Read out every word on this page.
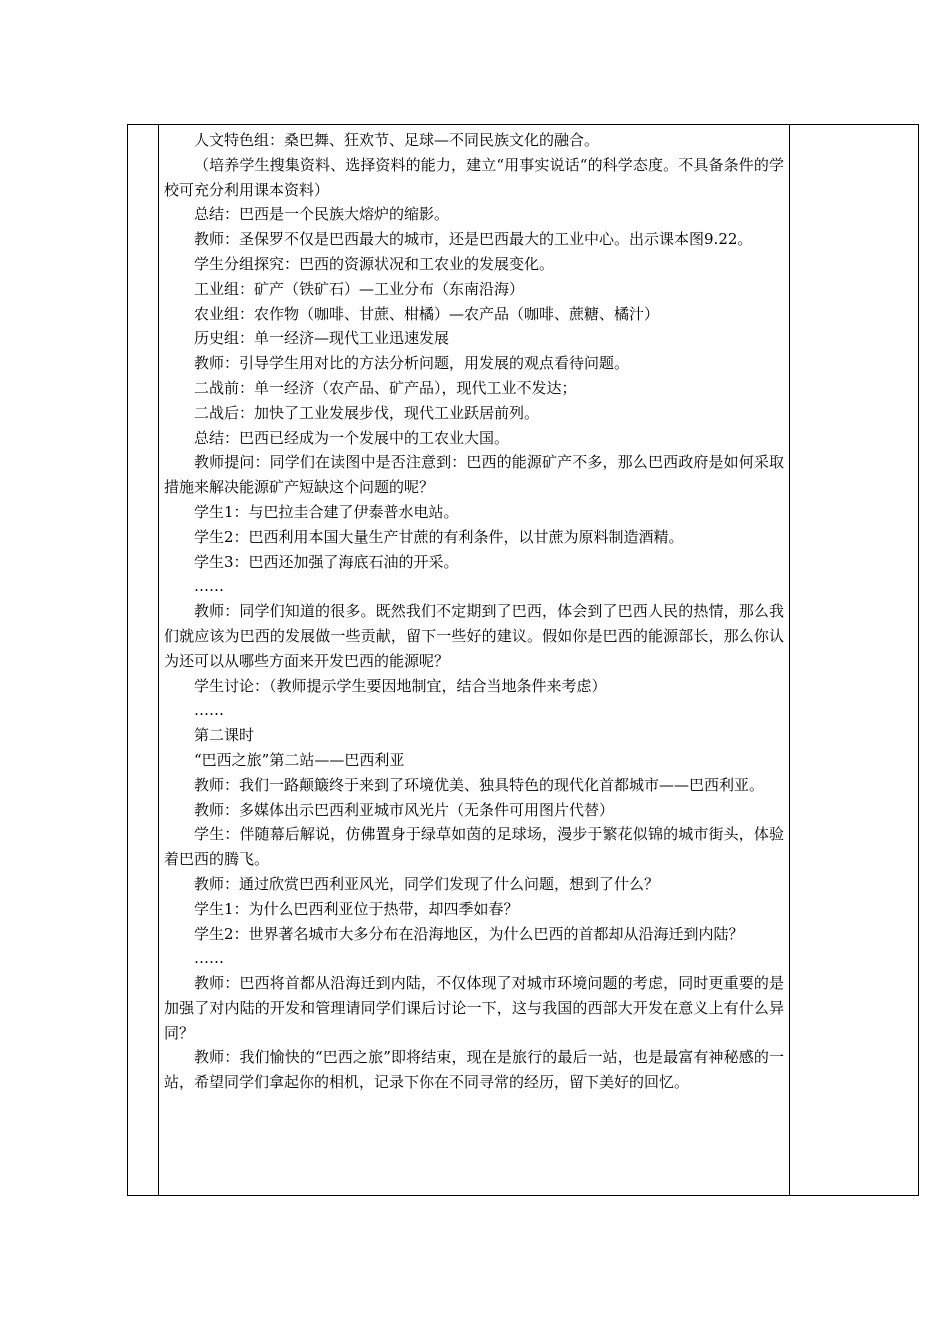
人文特色组：桑巴舞、狂欢节、足球—不同民族文化的融合。

（培养学生搜集资料、选择资料的能力，建立“用事实说话“的科学态度。不具备条件的学校可充分利用课本资料）

总结：巴西是一个民族大熔炉的缩影。

教师：圣保罗不仅是巴西最大的城市，还是巴西最大的工业中心。出示课本图9.22。

学生分组探究：巴西的资源状况和工农业的发展变化。

工业组：矿产（铁矿石）—工业分布（东南沿海）

农业组：农作物（咖啡、甘蔗、柑橘）—农产品（咖啡、蔗糖、橘汁）

历史组：单一经济—现代工业迅速发展

教师：引导学生用对比的方法分析问题，用发展的观点看待问题。

二战前：单一经济（农产品、矿产品），现代工业不发达；

二战后：加快了工业发展步伐，现代工业跃居前列。

总结：巴西已经成为一个发展中的工农业大国。

教师提问：同学们在读图中是否注意到：巴西的能源矿产不多，那么巴西政府是如何采取措施来解决能源矿产短缺这个问题的呢？

学生1：与巴拉圭合建了伊泰普水电站。

学生2：巴西利用本国大量生产甘蔗的有利条件，以甘蔗为原料制造酒精。

学生3：巴西还加强了海底石油的开采。

……

教师：同学们知道的很多。既然我们不定期到了巴西，体会到了巴西人民的热情，那么我们就应该为巴西的发展做一些贡献，留下一些好的建议。假如你是巴西的能源部长，那么你认为还可以从哪些方面来开发巴西的能源呢？

学生讨论：（教师提示学生要因地制宜，结合当地条件来考虑）

……

第二课时

“巴西之旅”第二站——巴西利亚

教师：我们一路颠簸终于来到了环境优美、独具特色的现代化首都城市——巴西利亚。

教师：多媒体出示巴西利亚城市风光片（无条件可用图片代替）

学生：伴随幕后解说，仿佛置身于绿草如茵的足球场，漫步于繁花似锦的城市街头，体验着巴西的腾飞。

教师：通过欣赏巴西利亚风光，同学们发现了什么问题，想到了什么？

学生1：为什么巴西利亚位于热带，却四季如春？

学生2：世界著名城市大多分布在沿海地区，为什么巴西的首都却从沿海迁到内陆？

……

教师：巴西将首都从沿海迁到内陆，不仅体现了对城市环境问题的考虑，同时更重要的是加强了对内陆的开发和管理请同学们课后讨论一下，这与我国的西部大开发在意义上有什么异同？

教师：我们愉快的“巴西之旅”即将结束，现在是旅行的最后一站，也是最富有神秘感的一站，希望同学们拿起你的相机，记录下你在不同寻常的经历，留下美好的回忆。
